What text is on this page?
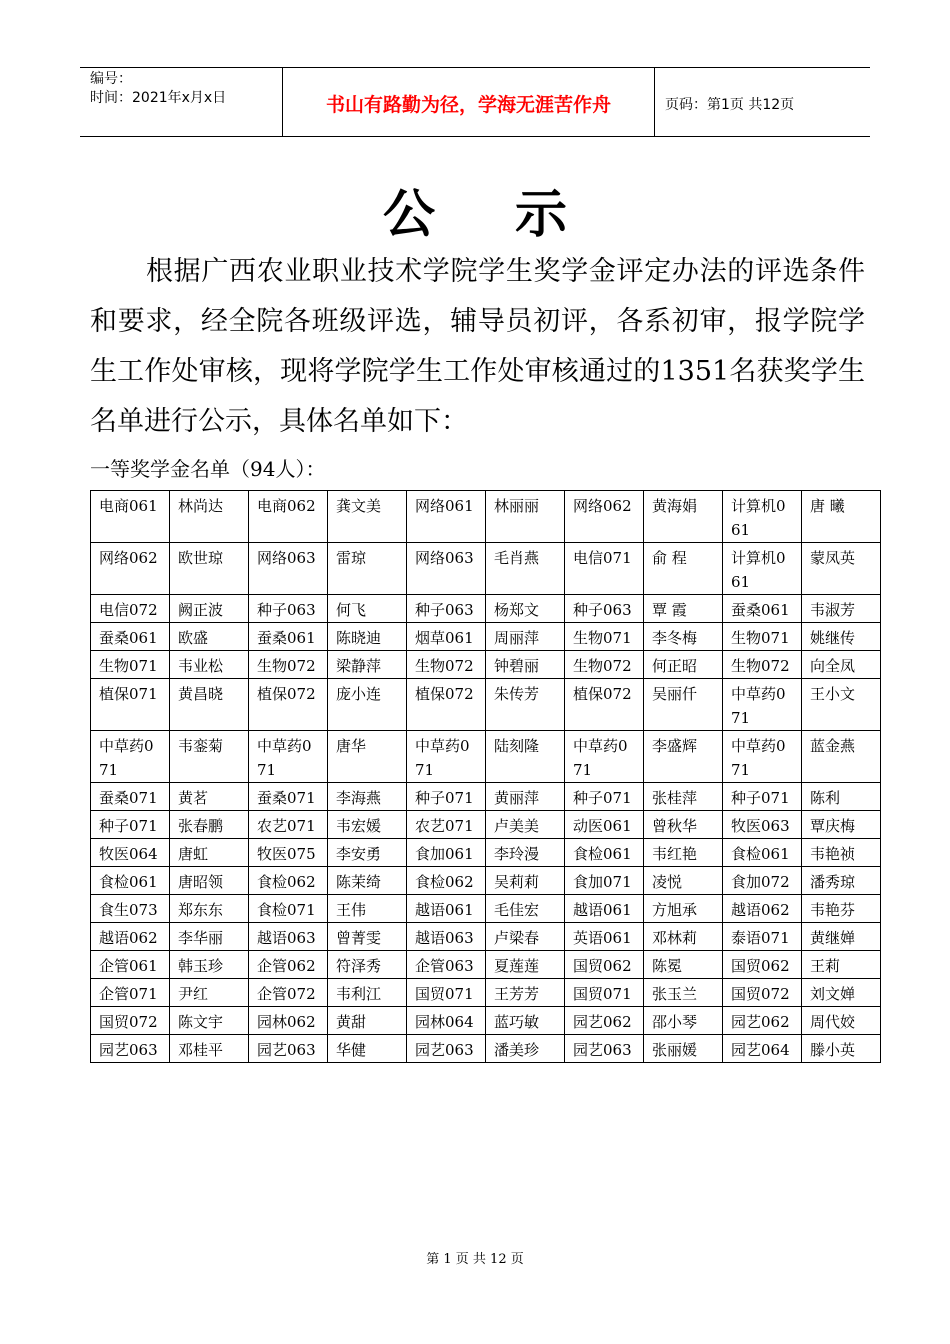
编号：
时间：2021年x月x日	书山有路勤为径，学海无涯苦作舟	页码：第1页 共12页
公示
根据广西农业职业技术学院学生奖学金评定办法的评选条件和要求，经全院各班级评选，辅导员初评，各系初审，报学院学生工作处审核，现将学院学生工作处审核通过的1351名获奖学生名单进行公示，具体名单如下：
一等奖学金名单（94人）：
电商061	林尚达	电商062	龚文美	网络061	林丽丽	网络062	黄海娟	计算机061	唐 曦
网络062	欧世琼	网络063	雷琼	网络063	毛肖燕	电信071	俞 程	计算机061	蒙凤英
电信072	阙正波	种子063	何飞	种子063	杨郑文	种子063	覃 霞	蚕桑061	韦淑芳
蚕桑061	欧盛	蚕桑061	陈晓迪	烟草061	周丽萍	生物071	李冬梅	生物071	姚继传
生物071	韦业松	生物072	梁静萍	生物072	钟碧丽	生物072	何正昭	生物072	向全凤
植保071	黄昌晓	植保072	庞小连	植保072	朱传芳	植保072	吴丽仟	中草药071	王小文
中草药071	韦銮菊	中草药071	唐华	中草药071	陆刻隆	中草药071	李盛辉	中草药071	蓝金燕
蚕桑071	黄茗	蚕桑071	李海燕	种子071	黄丽萍	种子071	张桂萍	种子071	陈利
种子071	张春鹏	农艺071	韦宏媛	农艺071	卢美美	动医061	曾秋华	牧医063	覃庆梅
牧医064	唐虹	牧医075	李安勇	食加061	李玲漫	食检061	韦红艳	食检061	韦艳祯
食检061	唐昭领	食检062	陈茉绮	食检062	吴莉莉	食加071	凌悦	食加072	潘秀琼
食生073	郑东东	食检071	王伟	越语061	毛佳宏	越语061	方旭承	越语062	韦艳芬
越语062	李华丽	越语063	曾菁雯	越语063	卢梁春	英语061	邓林莉	泰语071	黄继婵
企管061	韩玉珍	企管062	符泽秀	企管063	夏莲莲	国贸062	陈冕	国贸062	王莉
企管071	尹红	企管072	韦利江	国贸071	王芳芳	国贸071	张玉兰	国贸072	刘文婵
国贸072	陈文宇	园林062	黄甜	园林064	蓝巧敏	园艺062	邵小琴	园艺062	周代姣
园艺063	邓桂平	园艺063	华健	园艺063	潘美珍	园艺063	张丽媛	园艺064	滕小英
第 1 页 共 12 页
